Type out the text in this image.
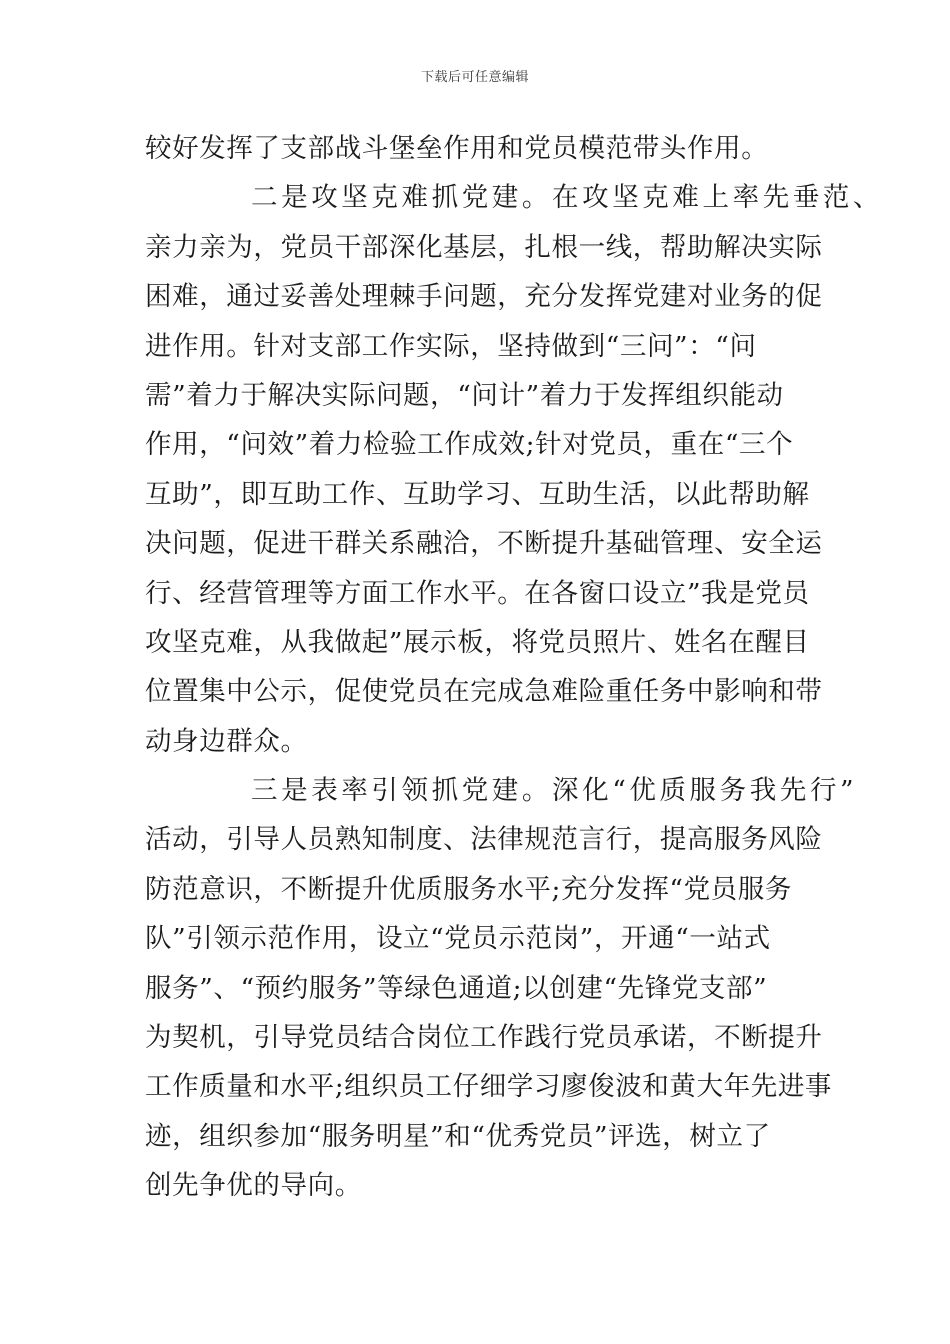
下载后可任意编辑
较好发挥了支部战斗堡垒作用和党员模范带头作用。
二是攻坚克难抓党建。在攻坚克难上率先垂范、
亲力亲为，党员干部深化基层，扎根一线，帮助解决实际
困难，通过妥善处理棘手问题，充分发挥党建对业务的促
进作用。针对支部工作实际，坚持做到“三问”：“问
需”着力于解决实际问题，“问计”着力于发挥组织能动
作用，“问效”着力检验工作成效;针对党员，重在“三个
互助”，即互助工作、互助学习、互助生活，以此帮助解
决问题，促进干群关系融洽，不断提升基础管理、安全运
行、经营管理等方面工作水平。在各窗口设立”我是党员
攻坚克难，从我做起”展示板，将党员照片、姓名在醒目
位置集中公示，促使党员在完成急难险重任务中影响和带
动身边群众。
三是表率引领抓党建。深化“优质服务我先行”
活动，引导人员熟知制度、法律规范言行，提高服务风险
防范意识，不断提升优质服务水平;充分发挥“党员服务
队”引领示范作用，设立“党员示范岗”，开通“一站式
服务”、“预约服务”等绿色通道;以创建“先锋党支部”
为契机，引导党员结合岗位工作践行党员承诺，不断提升
工作质量和水平;组织员工仔细学习廖俊波和黄大年先进事
迹，组织参加“服务明星”和“优秀党员”评选，树立了
创先争优的导向。
